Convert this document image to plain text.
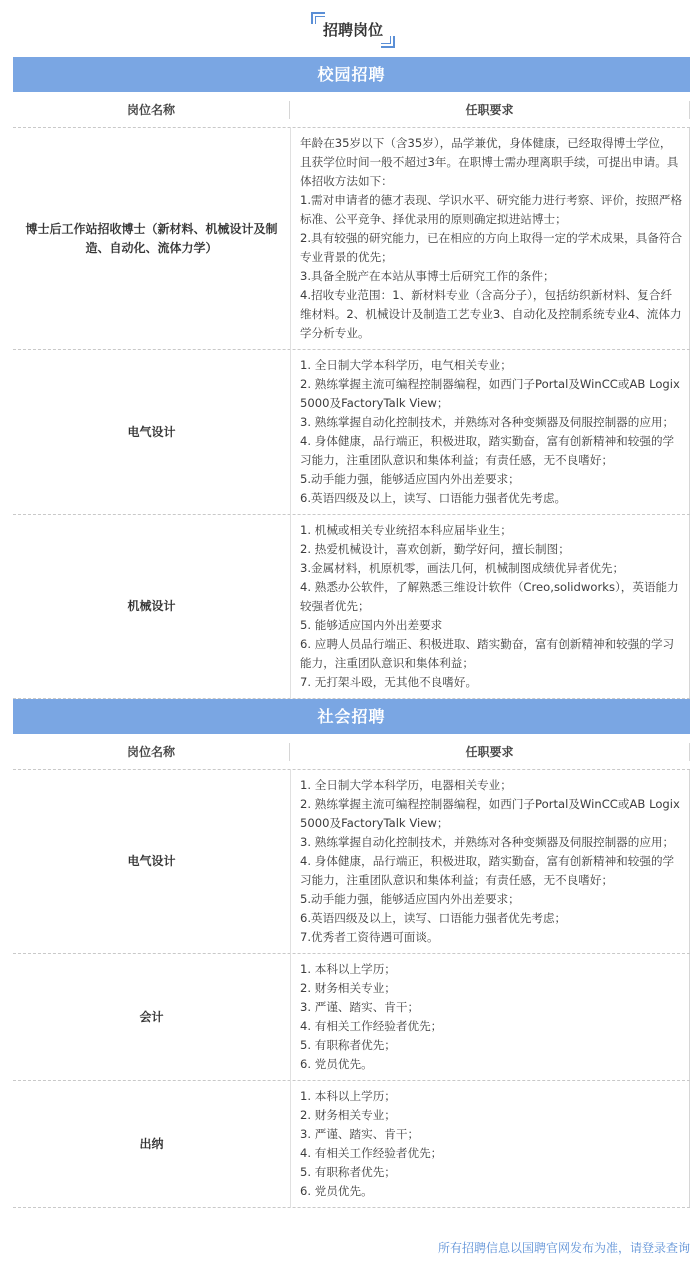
招聘岗位
校园招聘
岗位名称	任职要求
博士后工作站招收博士（新材料、机械设计及制造、自动化、流体力学）

年龄在35岁以下（含35岁），品学兼优，身体健康，已经取得博士学位，且获学位时间一般不超过3年。在职博士需办理离职手续，可提出申请。具体招收方法如下：

1.需对申请者的德才表现、学识水平、研究能力进行考察、评价，按照严格标准、公平竞争、择优录用的原则确定拟进站博士；

2.具有较强的研究能力，已在相应的方向上取得一定的学术成果，具备符合专业背景的优先；

3.具备全脱产在本站从事博士后研究工作的条件；

4.招收专业范围：1、新材料专业（含高分子），包括纺织新材料、复合纤维材料。2、机械设计及制造工艺专业3、自动化及控制系统专业4、流体力学分析专业。

电气设计

1. 全日制大学本科学历，电气相关专业；

2. 熟练掌握主流可编程控制器编程，如西门子Portal及WinCC或AB Logix 5000及FactoryTalk View；

3. 熟练掌握自动化控制技术，并熟练对各种变频器及伺服控制器的应用；

4. 身体健康，品行端正，积极进取，踏实勤奋，富有创新精神和较强的学习能力，注重团队意识和集体利益；有责任感，无不良嗜好；

5.动手能力强，能够适应国内外出差要求；

6.英语四级及以上，读写、口语能力强者优先考虑。

机械设计

1. 机械或相关专业统招本科应届毕业生；

2. 热爱机械设计，喜欢创新，勤学好问，擅长制图；

3.金属材料，机原机零，画法几何，机械制图成绩优异者优先；

4. 熟悉办公软件，了解熟悉三维设计软件（Creo,solidworks），英语能力较强者优先；

5. 能够适应国内外出差要求

6. 应聘人员品行端正、积极进取、踏实勤奋，富有创新精神和较强的学习能力，注重团队意识和集体利益；

7. 无打架斗殴，无其他不良嗜好。

社会招聘
岗位名称	任职要求
电气设计

1. 全日制大学本科学历，电器相关专业；

2. 熟练掌握主流可编程控制器编程，如西门子Portal及WinCC或AB Logix 5000及FactoryTalk View；

3. 熟练掌握自动化控制技术，并熟练对各种变频器及伺服控制器的应用；

4. 身体健康，品行端正，积极进取，踏实勤奋，富有创新精神和较强的学习能力，注重团队意识和集体利益；有责任感，无不良嗜好；

5.动手能力强，能够适应国内外出差要求；

6.英语四级及以上，读写、口语能力强者优先考虑；

7.优秀者工资待遇可面谈。

会计

1. 本科以上学历；

2. 财务相关专业；

3. 严谨、踏实、肯干；

4. 有相关工作经验者优先；

5. 有职称者优先；

6. 党员优先。

出纳

1. 本科以上学历；

2. 财务相关专业；

3. 严谨、踏实、肯干；

4. 有相关工作经验者优先；

5. 有职称者优先；

6. 党员优先。

所有招聘信息以国聘官网发布为准，请登录查询
